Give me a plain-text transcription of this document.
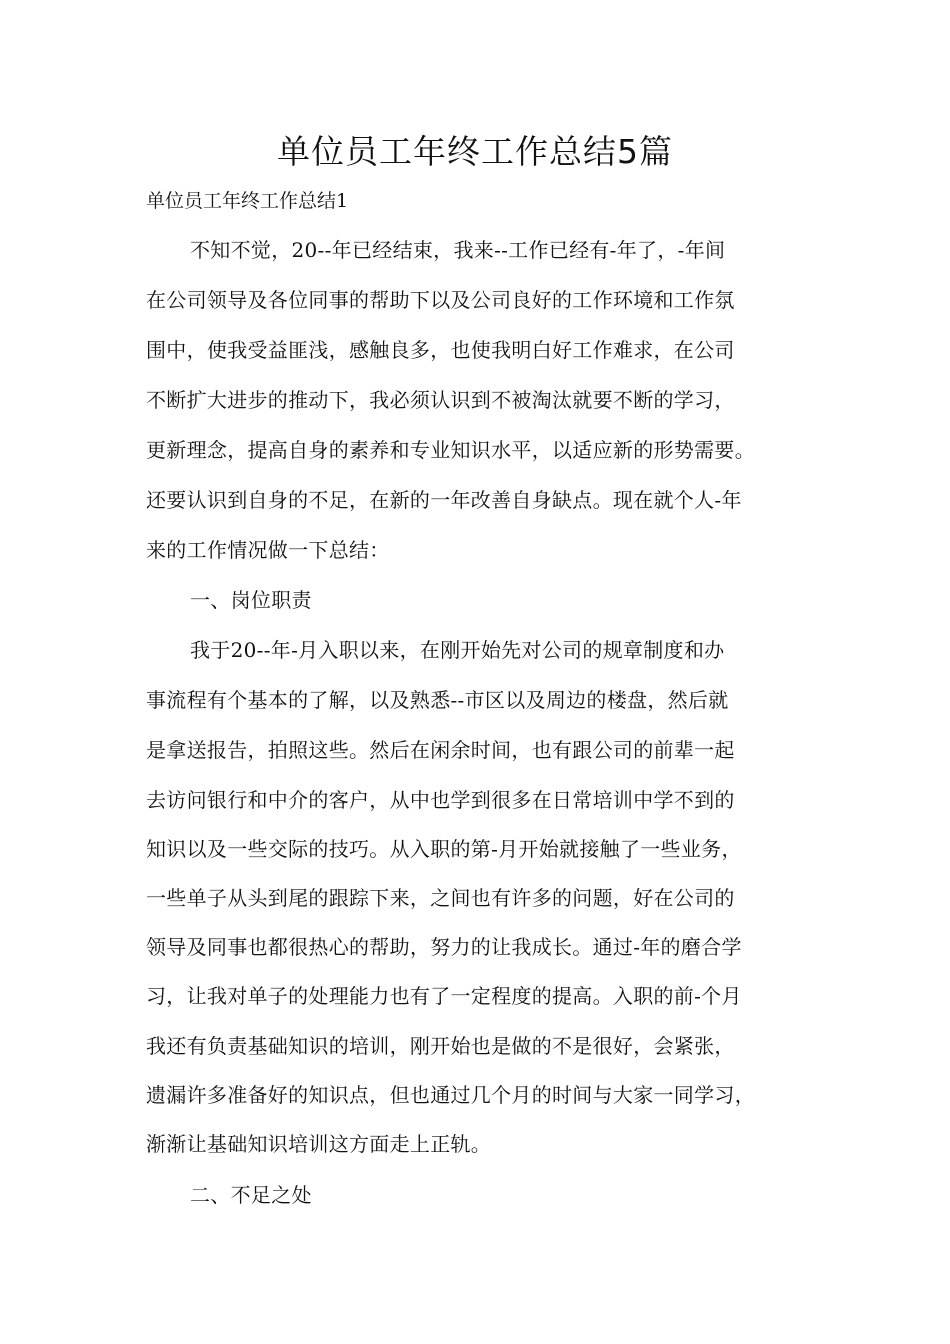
单位员工年终工作总结5篇
单位员工年终工作总结1
不知不觉，20--年已经结束，我来--工作已经有-年了，-年间
在公司领导及各位同事的帮助下以及公司良好的工作环境和工作氛
围中，使我受益匪浅，感触良多，也使我明白好工作难求，在公司
不断扩大进步的推动下，我必须认识到不被淘汰就要不断的学习，
更新理念，提高自身的素养和专业知识水平，以适应新的形势需要。
还要认识到自身的不足，在新的一年改善自身缺点。现在就个人-年
来的工作情况做一下总结：
一、岗位职责
我于20--年-月入职以来，在刚开始先对公司的规章制度和办
事流程有个基本的了解，以及熟悉--市区以及周边的楼盘，然后就
是拿送报告，拍照这些。然后在闲余时间，也有跟公司的前辈一起
去访问银行和中介的客户，从中也学到很多在日常培训中学不到的
知识以及一些交际的技巧。从入职的第-月开始就接触了一些业务，
一些单子从头到尾的跟踪下来，之间也有许多的问题，好在公司的
领导及同事也都很热心的帮助，努力的让我成长。通过-年的磨合学
习，让我对单子的处理能力也有了一定程度的提高。入职的前-个月
我还有负责基础知识的培训，刚开始也是做的不是很好，会紧张，
遗漏许多准备好的知识点，但也通过几个月的时间与大家一同学习，
渐渐让基础知识培训这方面走上正轨。
二、不足之处
